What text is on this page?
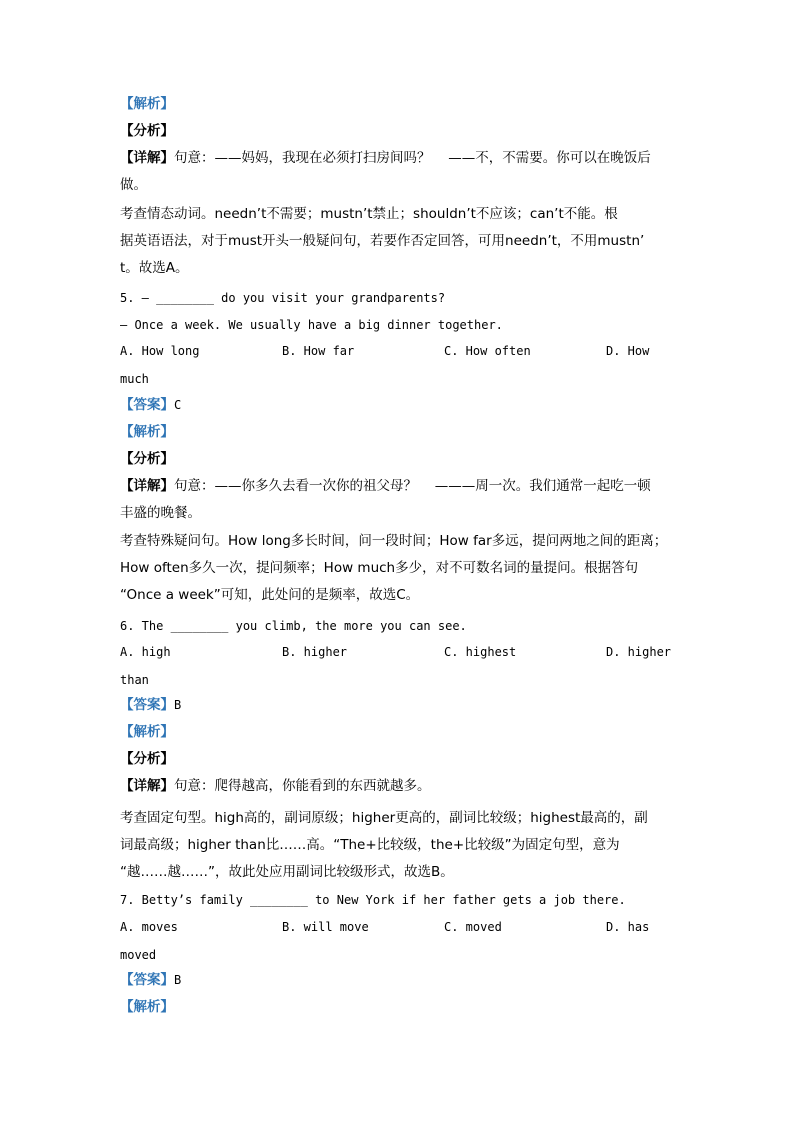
【解析】
【分析】
【详解】句意：——妈妈，我现在必须打扫房间吗？　 ——不，不需要。你可以在晚饭后
做。
考查情态动词。needn’t不需要；mustn’t禁止；shouldn’t不应该；can’t不能。根
据英语语法，对于must开头一般疑问句，若要作否定回答，可用needn’t，不用mustn’
t。故选A。
5. — ________ do you visit your grandparents?
— Once a week. We usually have a big dinner together.
A. How long	B. How far	C. How often	D. How
much
【答案】C
【解析】
【分析】
【详解】句意：——你多久去看一次你的祖父母？　 ———周一次。我们通常一起吃一顿
丰盛的晚餐。
考查特殊疑问句。How long多长时间，问一段时间；How far多远，提问两地之间的距离；
How often多久一次，提问频率；How much多少，对不可数名词的量提问。根据答句
“Once a week”可知，此处问的是频率，故选C。
6. The ________ you climb, the more you can see.
A. high	B. higher	C. highest	D. higher
than
【答案】B
【解析】
【分析】
【详解】句意：爬得越高，你能看到的东西就越多。
考查固定句型。high高的，副词原级；higher更高的，副词比较级；highest最高的，副
词最高级；higher than比……高。“The+比较级，the+比较级”为固定句型，意为
“越……越……”，故此处应用副词比较级形式，故选B。
7. Betty’s family ________ to New York if her father gets a job there.
A. moves	B. will move	C. moved	D. has
moved
【答案】B
【解析】
